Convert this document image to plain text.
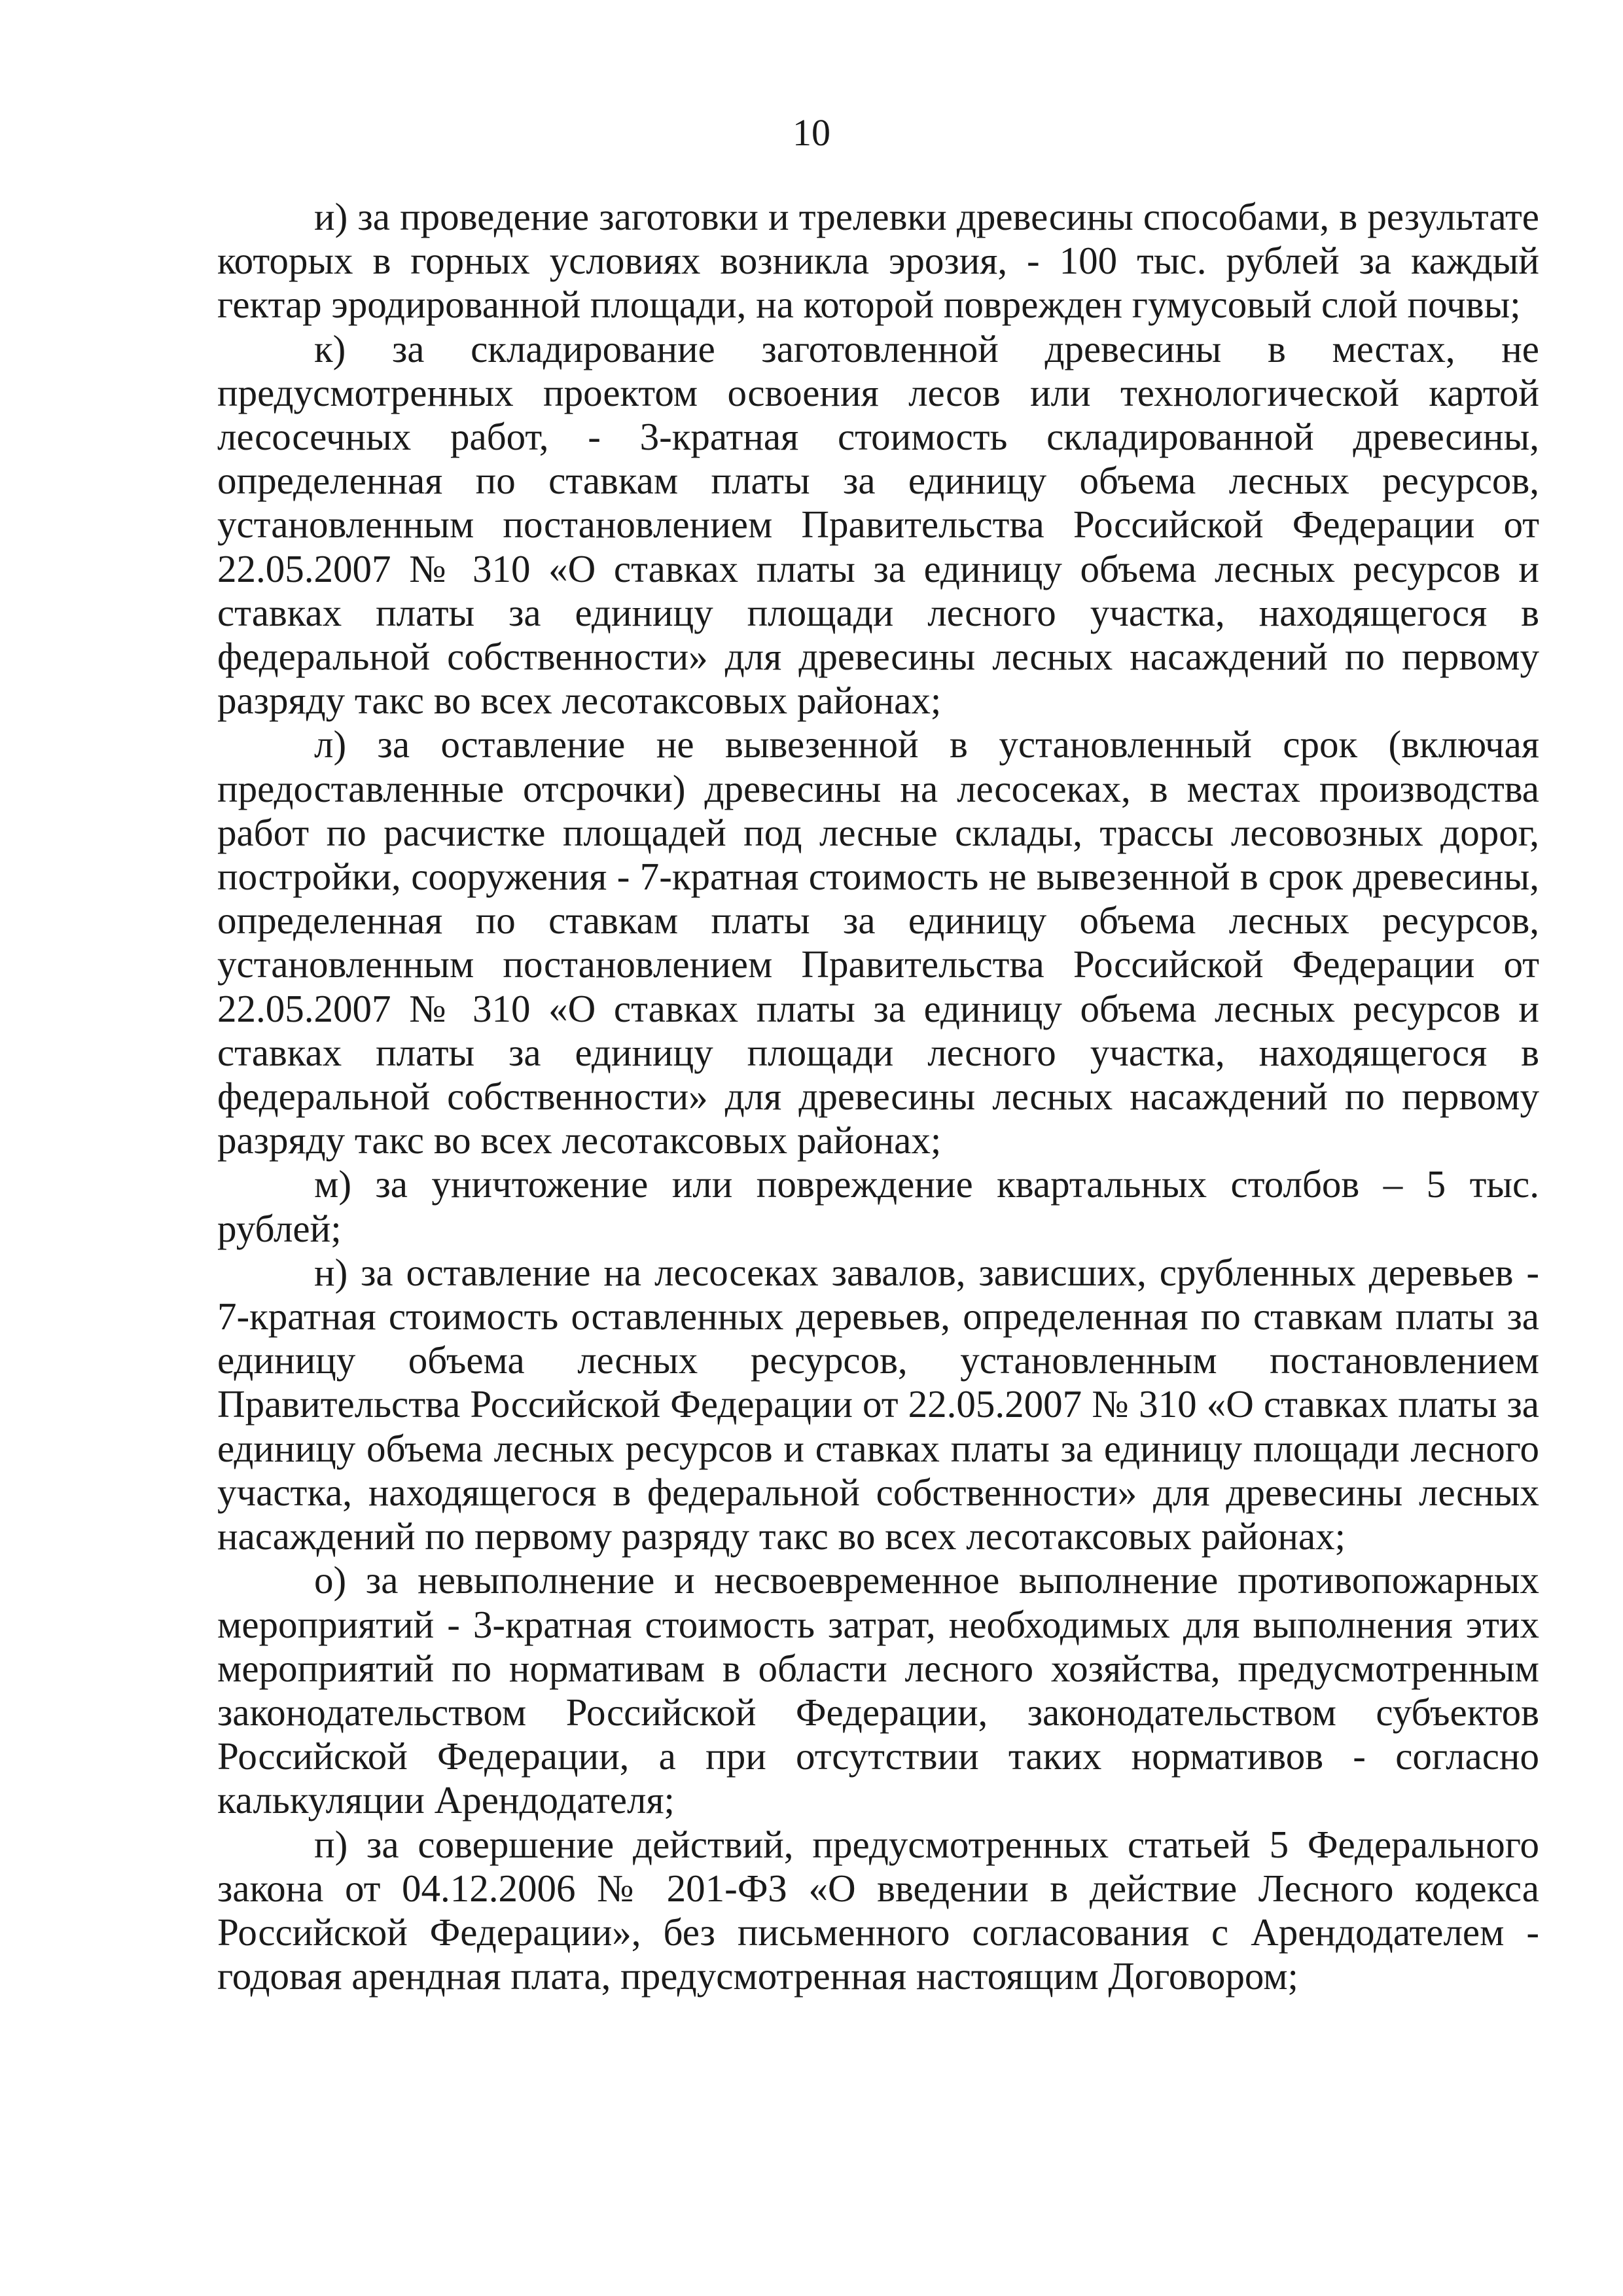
10

и) за проведение заготовки и трелевки древесины способами, в результате которых в горных условиях возникла эрозия, - 100 тыс. рублей за каждый гектар эродированной площади, на которой поврежден гумусовый слой почвы;

к) за складирование заготовленной древесины в местах, не предусмотренных проектом освоения лесов или технологической картой лесосечных работ, - 3-кратная стоимость складированной древесины, определенная по ставкам платы за единицу объема лесных ресурсов, установленным постановлением Правительства Российской Федерации от 22.05.2007 № 310 «О ставках платы за единицу объема лесных ресурсов и ставках платы за единицу площади лесного участка, находящегося в федеральной собственности» для древесины лесных насаждений по первому разряду такс во всех лесотаксовых районах;

л) за оставление не вывезенной в установленный срок (включая предоставленные отсрочки) древесины на лесосеках, в местах производства работ по расчистке площадей под лесные склады, трассы лесовозных дорог, постройки, сооружения - 7-кратная стоимость не вывезенной в срок древесины, определенная по ставкам платы за единицу объема лесных ресурсов, установленным постановлением Правительства Российской Федерации от 22.05.2007 № 310 «О ставках платы за единицу объема лесных ресурсов и ставках платы за единицу площади лесного участка, находящегося в федеральной собственности» для древесины лесных насаждений по первому разряду такс во всех лесотаксовых районах;

м) за уничтожение или повреждение квартальных столбов – 5 тыс. рублей;

н) за оставление на лесосеках завалов, зависших, срубленных деревьев - 7-кратная стоимость оставленных деревьев, определенная по ставкам платы за единицу объема лесных ресурсов, установленным постановлением Правительства Российской Федерации от 22.05.2007 № 310 «О ставках платы за единицу объема лесных ресурсов и ставках платы за единицу площади лесного участка, находящегося в федеральной собственности» для древесины лесных насаждений по первому разряду такс во всех лесотаксовых районах;

о) за невыполнение и несвоевременное выполнение противопожарных мероприятий - 3-кратная стоимость затрат, необходимых для выполнения этих мероприятий по нормативам в области лесного хозяйства, предусмотренным законодательством Российской Федерации, законодательством субъектов Российской Федерации, а при отсутствии таких нормативов - согласно калькуляции Арендодателя;

п) за совершение действий, предусмотренных статьей 5 Федерального закона от 04.12.2006 № 201-ФЗ «О введении в действие Лесного кодекса Российской Федерации», без письменного согласования с Арендодателем - годовая арендная плата, предусмотренная настоящим Договором;
